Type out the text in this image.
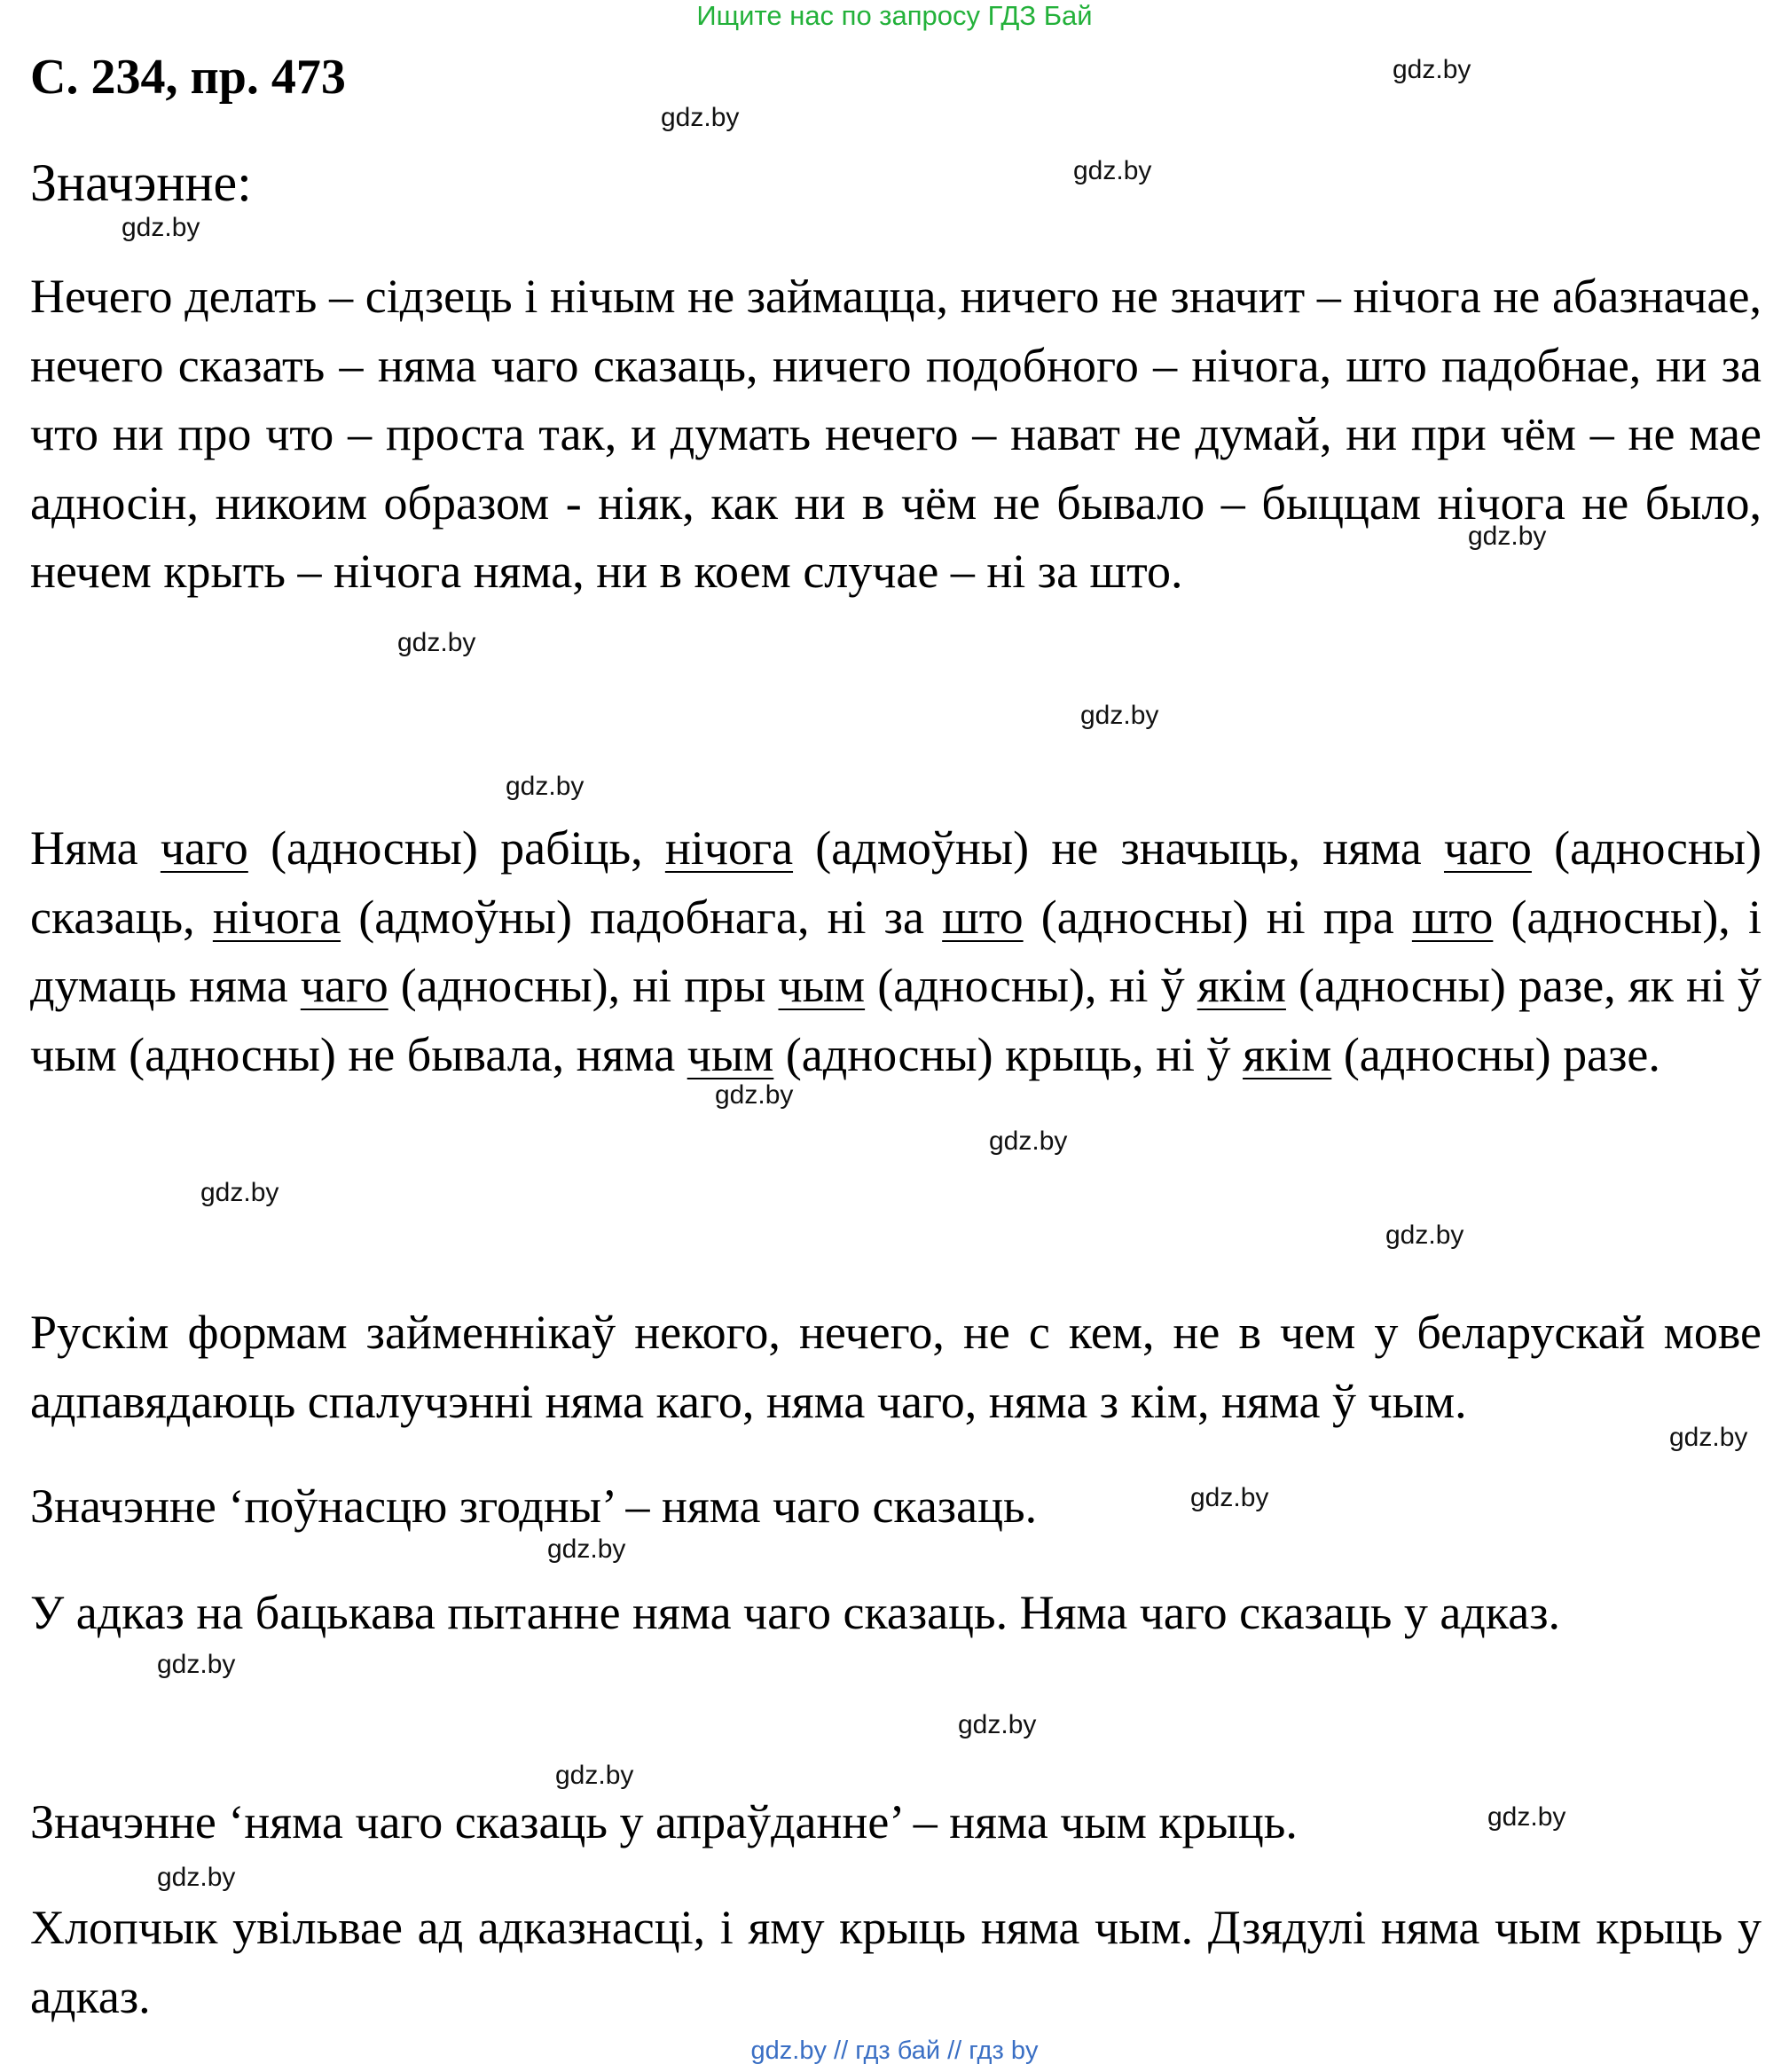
Ищите нас по запросу ГДЗ Бай
С. 234, пр. 473
Значэнне:
Нечего делать – сідзець і нічым не займацца, ничего не значит – нічога не абазначае, нечего сказать – няма чаго сказаць, ничего подобного – нічога, што падобнае, ни за что ни про что – проста так, и думать нечего – нават не думай, ни при чём – не мае адносін, никоим образом - ніяк, как ни в чём не бывало – быццам нічога не было, нечем крыть – нічога няма, ни в коем случае – ні за што.
Няма чаго (адносны) рабіць, нічога (адмоўны) не значыць, няма чаго (адносны) сказаць, нічога (адмоўны) падобнага, ні за што (адносны) ні пра што (адносны), і думаць няма чаго (адносны), ні пры чым (адносны), ні ў якім (адносны) разе, як ні ў чым (адносны) не бывала, няма чым (адносны) крыць, ні ў якім (адносны) разе.
Рускім формам займеннікаў некого, нечего, не с кем, не в чем у беларускай мове адпавядаюць спалучэнні няма каго, няма чаго, няма з кім, няма ў чым.
Значэнне ‘поўнасцю згодны’ – няма чаго сказаць.
У адказ на бацькава пытанне няма чаго сказаць. Няма чаго сказаць у адказ.
Значэнне ‘няма чаго сказаць у апраўданне’ – няма чым крыць.
Хлопчык увільвае ад адказнасці, і яму крыць няма чым. Дзядулі няма чым крыць у адказ.
gdz.by
gdz.by
gdz.by
gdz.by
gdz.by
gdz.by
gdz.by
gdz.by
gdz.by
gdz.by
gdz.by
gdz.by
gdz.by
gdz.by
gdz.by
gdz.by
gdz.by
gdz.by
gdz.by
gdz.by
gdz.by // гдз бай // гдз by
